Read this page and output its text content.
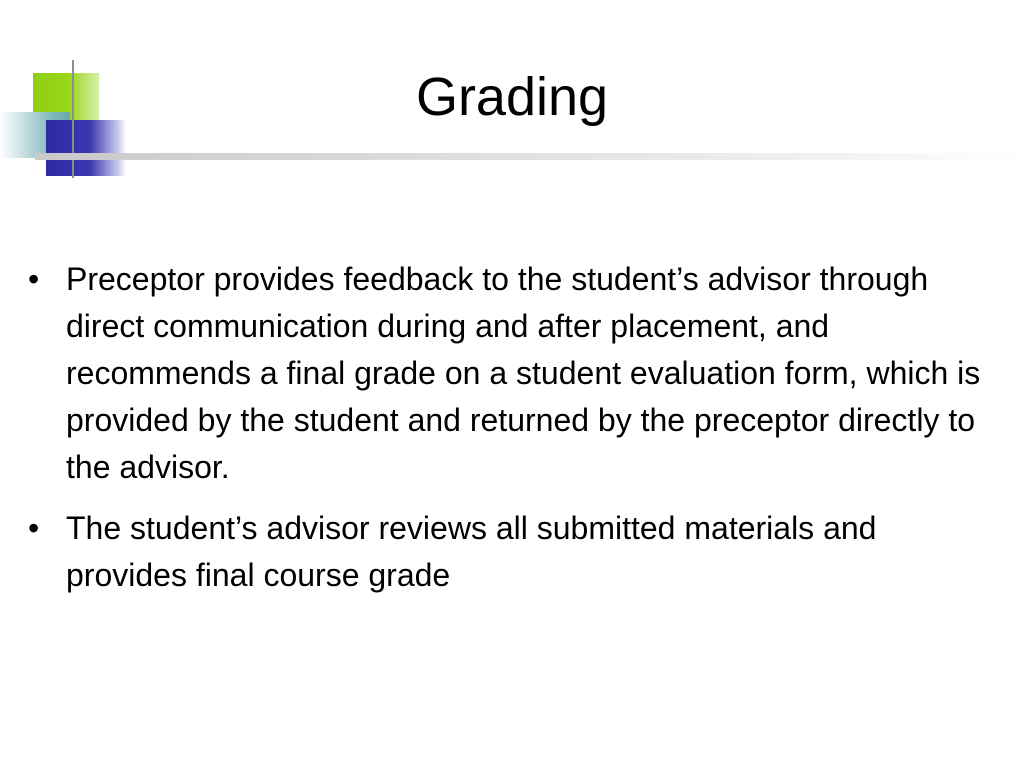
Grading
• Preceptor provides feedback to the student’s advisor through direct communication during and after placement, and recommends a final grade on a student evaluation form, which is provided by the student and returned by the preceptor directly to the advisor.
• The student’s advisor reviews all submitted materials and provides final course grade
